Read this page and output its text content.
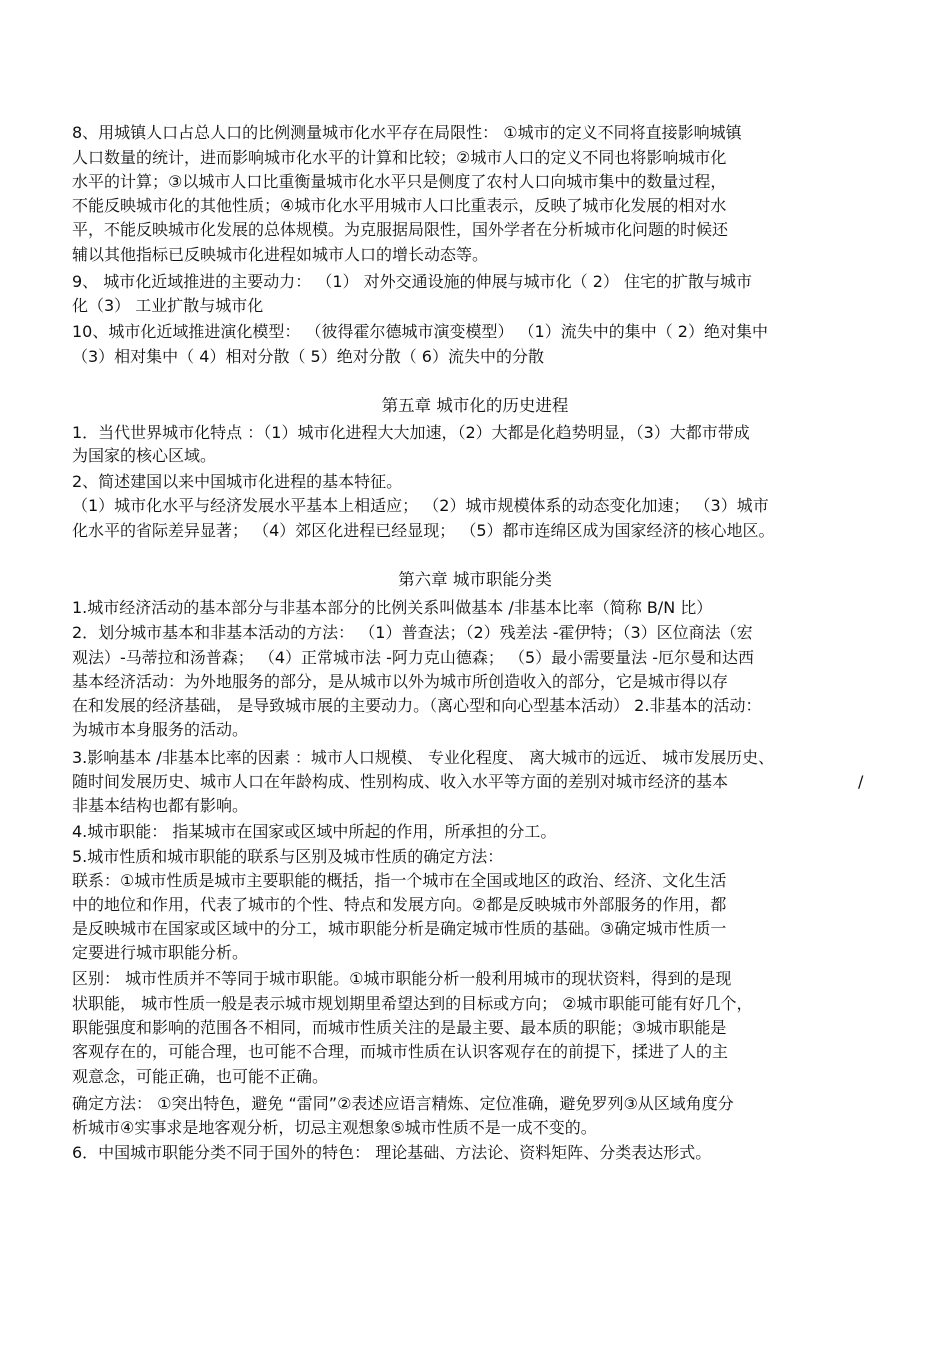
8、用城镇人口占总人口的比例测量城市化水平存在局限性： ①城市的定义不同将直接影响城镇
人口数量的统计，进而影响城市化水平的计算和比较；②城市人口的定义不同也将影响城市化
水平的计算；③以城市人口比重衡量城市化水平只是侧度了农村人口向城市集中的数量过程，
不能反映城市化的其他性质；④城市化水平用城市人口比重表示，反映了城市化发展的相对水
平，不能反映城市化发展的总体规模。为克服据局限性，国外学者在分析城市化问题的时候还
辅以其他指标已反映城市化进程如城市人口的增长动态等。
9、 城市化近域推进的主要动力： （1） 对外交通设施的伸展与城市化（ 2） 住宅的扩散与城市
化（3） 工业扩散与城市化
10、城市化近域推进演化模型： （彼得霍尔德城市演变模型） （1）流失中的集中（ 2）绝对集中
（3）相对集中（ 4）相对分散（ 5）绝对分散（ 6）流失中的分散
第五章 城市化的历史进程
1．当代世界城市化特点 ：（1）城市化进程大大加速，（2）大都是化趋势明显，（3）大都市带成
为国家的核心区域。
2、简述建国以来中国城市化进程的基本特征。
（1）城市化水平与经济发展水平基本上相适应； （2）城市规模体系的动态变化加速； （3）城市
化水平的省际差异显著； （4）郊区化进程已经显现； （5）都市连绵区成为国家经济的核心地区。
第六章 城市职能分类
1.城市经济活动的基本部分与非基本部分的比例关系叫做基本 /非基本比率（简称 B/N 比）
2．划分城市基本和非基本活动的方法： （1）普查法；（2）残差法 -霍伊特；（3）区位商法（宏
观法）-马蒂拉和汤普森； （4）正常城市法 -阿力克山德森； （5）最小需要量法 -厄尔曼和达西
基本经济活动：为外地服务的部分，是从城市以外为城市所创造收入的部分，它是城市得以存
在和发展的经济基础， 是导致城市展的主要动力。（离心型和向心型基本活动） 2.非基本的活动：
为城市本身服务的活动。
3.影响基本 /非基本比率的因素 ：城市人口规模、 专业化程度、 离大城市的远近、 城市发展历史、
随时间发展历史、城市人口在年龄构成、性别构成、收入水平等方面的差别对城市经济的基本	/
非基本结构也都有影响。
4.城市职能： 指某城市在国家或区域中所起的作用，所承担的分工。
5.城市性质和城市职能的联系与区别及城市性质的确定方法：
联系：①城市性质是城市主要职能的概括，指一个城市在全国或地区的政治、经济、文化生活
中的地位和作用，代表了城市的个性、特点和发展方向。②都是反映城市外部服务的作用，都
是反映城市在国家或区域中的分工，城市职能分析是确定城市性质的基础。③确定城市性质一
定要进行城市职能分析。
区别： 城市性质并不等同于城市职能。①城市职能分析一般利用城市的现状资料，得到的是现
状职能， 城市性质一般是表示城市规划期里希望达到的目标或方向； ②城市职能可能有好几个，
职能强度和影响的范围各不相同，而城市性质关注的是最主要、最本质的职能；③城市职能是
客观存在的，可能合理，也可能不合理，而城市性质在认识客观存在的前提下，揉进了人的主
观意念，可能正确，也可能不正确。
确定方法： ①突出特色，避免 “雷同”②表述应语言精炼、定位准确，避免罗列③从区域角度分
析城市④实事求是地客观分析，切忌主观想象⑤城市性质不是一成不变的。
6．中国城市职能分类不同于国外的特色： 理论基础、方法论、资料矩阵、分类表达形式。
